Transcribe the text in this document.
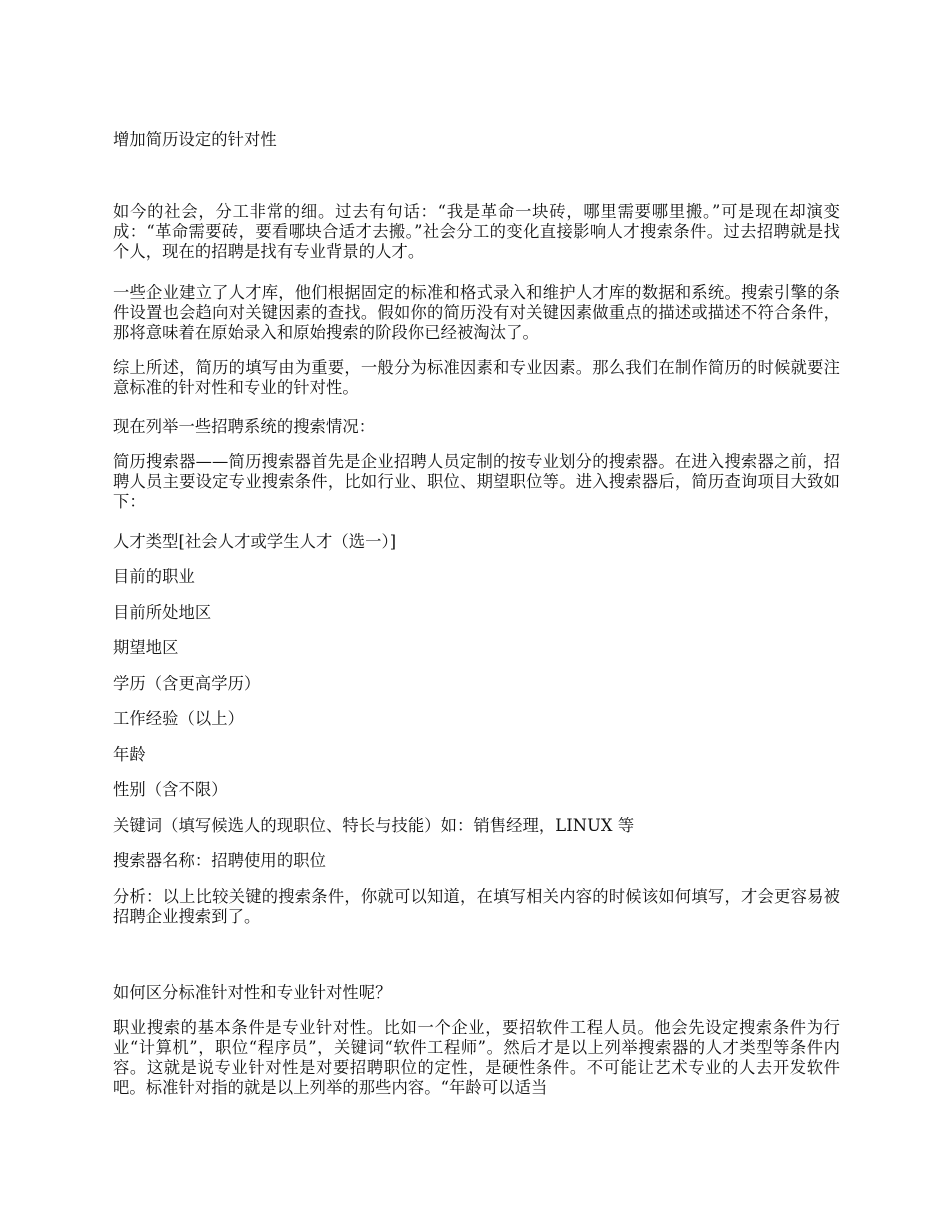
增加简历设定的针对性

如今的社会，分工非常的细。过去有句话：“我是革命一块砖，哪里需要哪里搬。”可是现在却演变成：“革命需要砖，要看哪块合适才去搬。”社会分工的变化直接影响人才搜索条件。过去招聘就是找个人，现在的招聘是找有专业背景的人才。

一些企业建立了人才库，他们根据固定的标准和格式录入和维护人才库的数据和系统。搜索引擎的条件设置也会趋向对关键因素的查找。假如你的简历没有对关键因素做重点的描述或描述不符合条件，那将意味着在原始录入和原始搜索的阶段你已经被淘汰了。

综上所述，简历的填写由为重要，一般分为标准因素和专业因素。那么我们在制作简历的时候就要注意标准的针对性和专业的针对性。

现在列举一些招聘系统的搜索情况：

简历搜索器——简历搜索器首先是企业招聘人员定制的按专业划分的搜索器。在进入搜索器之前，招聘人员主要设定专业搜索条件，比如行业、职位、期望职位等。进入搜索器后，简历查询项目大致如下：

人才类型[社会人才或学生人才（选一）]

目前的职业

目前所处地区

期望地区

学历（含更高学历）

工作经验（以上）

年龄

性别（含不限）

关键词（填写候选人的现职位、特长与技能）如：销售经理，LINUX 等

搜索器名称：招聘使用的职位

分析：以上比较关键的搜索条件，你就可以知道，在填写相关内容的时候该如何填写，才会更容易被招聘企业搜索到了。

如何区分标准针对性和专业针对性呢？

职业搜索的基本条件是专业针对性。比如一个企业，要招软件工程人员。他会先设定搜索条件为行业“计算机”，职位“程序员”，关键词“软件工程师”。然后才是以上列举搜索器的人才类型等条件内容。这就是说专业针对性是对要招聘职位的定性，是硬性条件。不可能让艺术专业的人去开发软件吧。标准针对指的就是以上列举的那些内容。“年龄可以适当
